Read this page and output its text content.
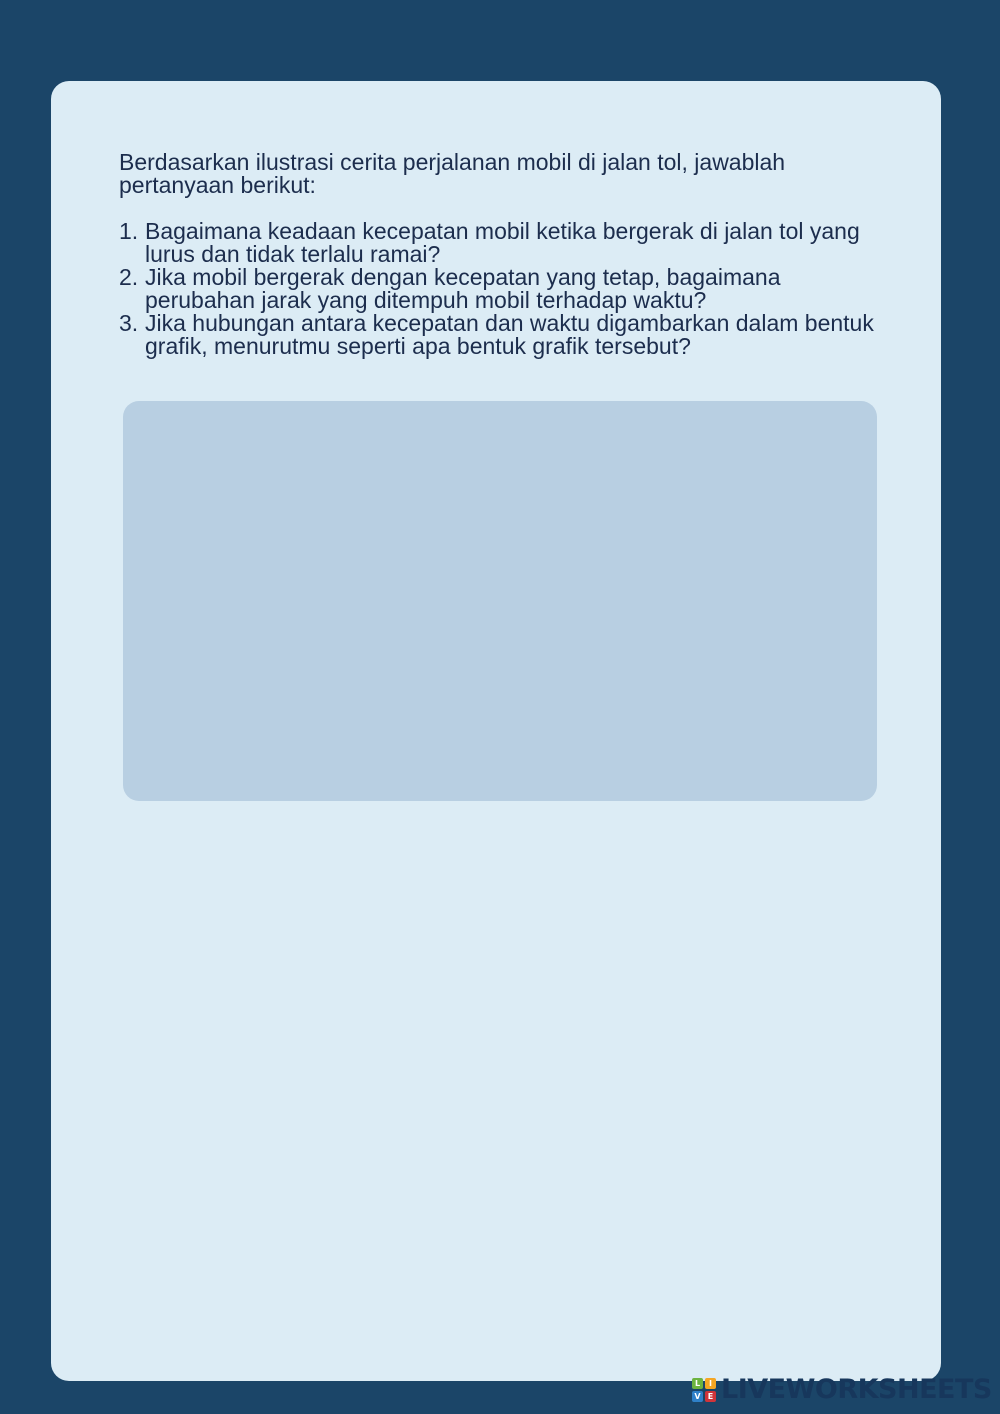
Berdasarkan ilustrasi cerita perjalanan mobil di jalan tol, jawablah pertanyaan berikut:

1. Bagaimana keadaan kecepatan mobil ketika bergerak di jalan tol yang lurus dan tidak terlalu ramai?
2. Jika mobil bergerak dengan kecepatan yang tetap, bagaimana perubahan jarak yang ditempuh mobil terhadap waktu?
3. Jika hubungan antara kecepatan dan waktu digambarkan dalam bentuk grafik, menurutmu seperti apa bentuk grafik tersebut?
L	I
V E LIVEWORKSHEETS
